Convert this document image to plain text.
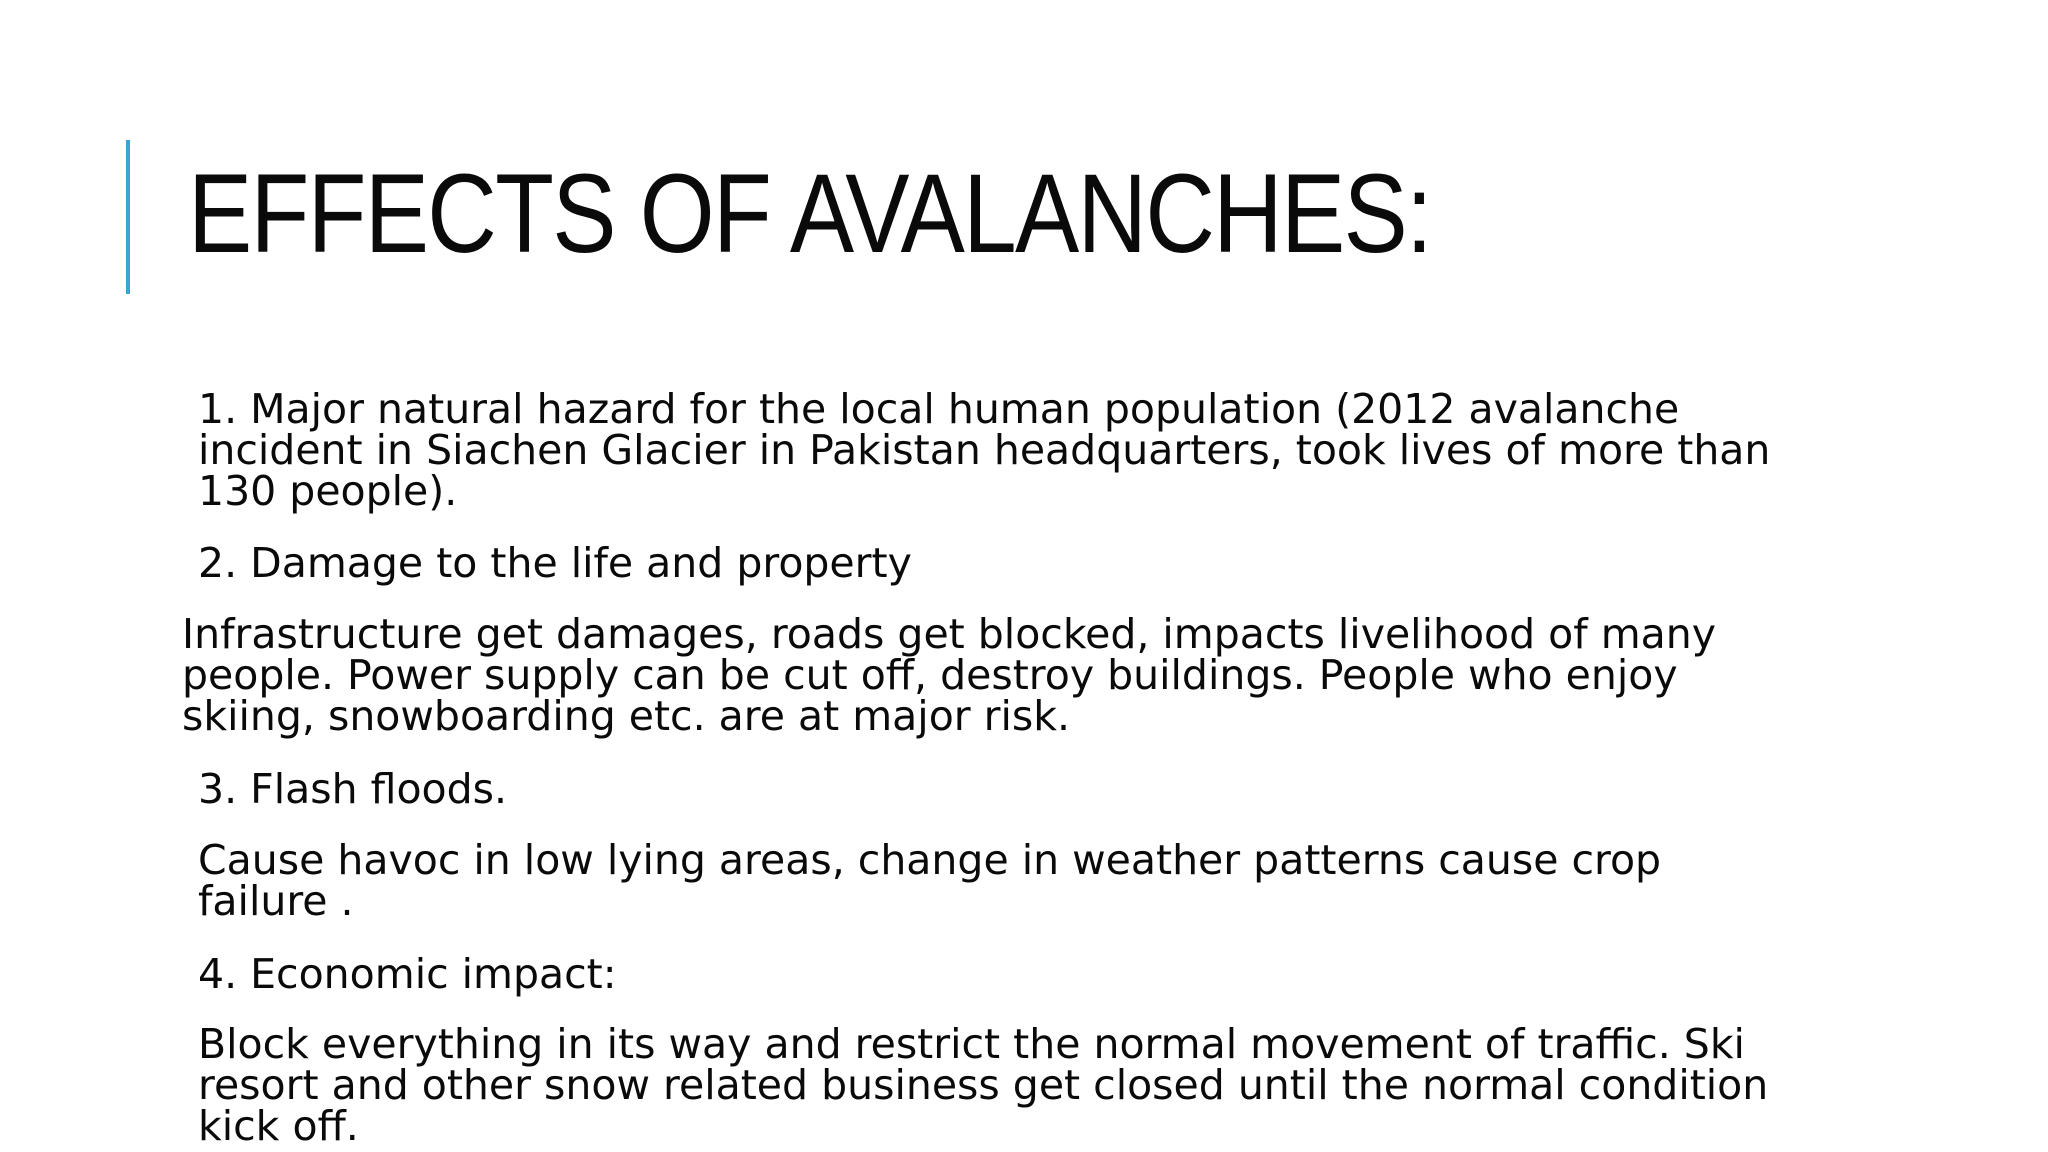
EFFECTS OF AVALANCHES:

1. Major natural hazard for the local human population (2012 avalanche
incident in Siachen Glacier in Pakistan headquarters, took lives of more than
130 people).

2. Damage to the life and property

Infrastructure get damages, roads get blocked, impacts livelihood of many
people. Power supply can be cut off, destroy buildings. People who enjoy
skiing, snowboarding etc. are at major risk.

3. Flash floods.

Cause havoc in low lying areas, change in weather patterns cause crop
failure .

4. Economic impact:

Block everything in its way and restrict the normal movement of traffic. Ski
resort and other snow related business get closed until the normal condition
kick off.
